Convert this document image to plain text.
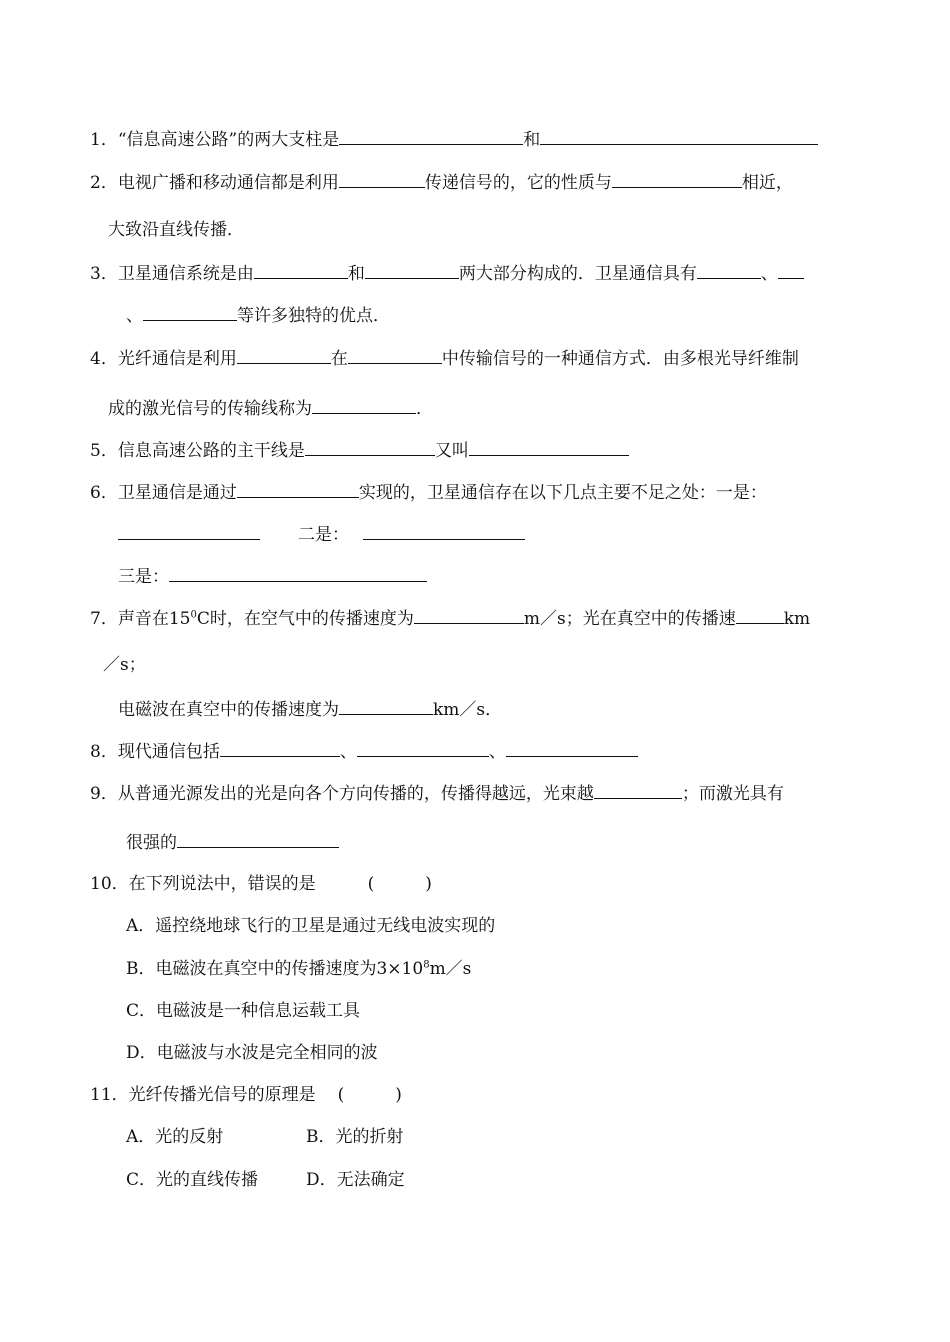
1．“信息高速公路”的两大支柱是	和
2．电视广播和移动通信都是利用	传递信号的，它的性质与	相近，
大致沿直线传播．
3．卫星通信系统是由	和	两大部分构成的．卫星通信具有	、
、	等许多独特的优点．
4．光纤通信是利用	在	中传输信号的一种通信方式．由多根光导纤维制
成的激光信号的传输线称为	．
5．信息高速公路的主干线是	又叫
6．卫星通信是通过	实现的，卫星通信存在以下几点主要不足之处：一是：
二是：
三是：
7．声音在$15^0C$时，在空气中的传播速度为	m／s；光在真空中的传播速	km
／s；
电磁波在真空中的传播速度为	km／s．
8．现代通信包括	、	、
9．从普通光源发出的光是向各个方向传播的，传播得越远，光束越	；而激光具有
很强的
10．在下列说法中，错误的是	(　　　)
A．遥控绕地球飞行的卫星是通过无线电波实现的
B．电磁波在真空中的传播速度为$3\times 10^8m/s$
C．电磁波是一种信息运载工具
D．电磁波与水波是完全相同的波
11．光纤传播光信号的原理是 (　　　)
A．光的反射	B．光的折射
C．光的直线传播	D．无法确定
